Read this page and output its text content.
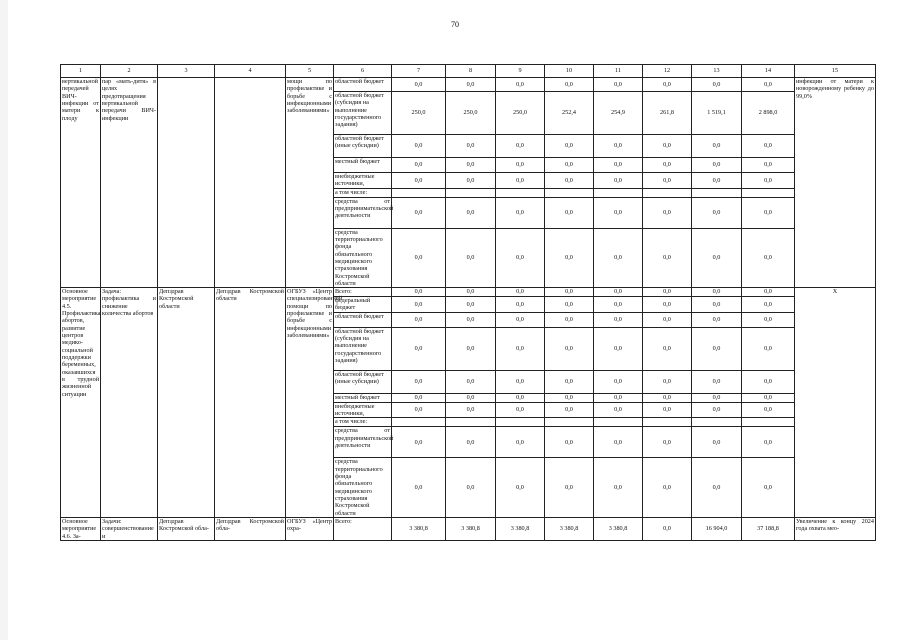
70
1	2	3	4	5	6	7	8	9	10	11	12	13	14	15
вертикальной передачей ВИЧ-инфекции от матери к плоду	пар «мать-дитя» в целях предотвращения вертикальной передачи ВИЧ-инфекции			мощи по профилактике и борьбе с инфекционными заболеваниями»	областной бюджет	0,0	0,0	0,0	0,0	0,0	0,0	0,0	0,0	инфекции от матери к новорожденному ребенку до 99,0%
					областной бюджет (субсидия на выполнение государственного задания)	250,0	250,0	250,0	252,4	254,9	261,8	1 519,1	2 898,0	
					областной бюджет (иные субсидии)	0,0	0,0	0,0	0,0	0,0	0,0	0,0	0,0	
					местный бюджет	0,0	0,0	0,0	0,0	0,0	0,0	0,0	0,0	
					внебюджетные источники,	0,0	0,0	0,0	0,0	0,0	0,0	0,0	0,0	
					а том числе:									
					средства от предпринимательской деятельности	0,0	0,0	0,0	0,0	0,0	0,0	0,0	0,0	
					средства территориального фонда обязательного медицинского страхования Костромской области	0,0	0,0	0,0	0,0	0,0	0,0	0,0	0,0	
Основное мероприятие 4.5. Профилактика абортов, развитие центров медико-социальной поддержки беременных, оказавшихся в трудной жизненной ситуации	Задача: профилактика и снижение количества абортов	Депздрав Костромской области	Депздрав Костромской области	ОГБУЗ «Центр специализированной помощи по профилактике и борьбе с инфекционными заболеваниями»	Всего:	0,0	0,0	0,0	0,0	0,0	0,0	0,0	0,0	Х
					федеральный бюджет	0,0	0,0	0,0	0,0	0,0	0,0	0,0	0,0	
					областной бюджет	0,0	0,0	0,0	0,0	0,0	0,0	0,0	0,0	
					областной бюджет (субсидия на выполнение государственного задания)	0,0	0,0	0,0	0,0	0,0	0,0	0,0	0,0	
					областной бюджет (иные субсидии)	0,0	0,0	0,0	0,0	0,0	0,0	0,0	0,0	
					местный бюджет	0,0	0,0	0,0	0,0	0,0	0,0	0,0	0,0	
					внебюджетные источники,	0,0	0,0	0,0	0,0	0,0	0,0	0,0	0,0	
					а том числе:									
					средства от предпринимательской деятельности	0,0	0,0	0,0	0,0	0,0	0,0	0,0	0,0	
					средства территориального фонда обязательного медицинского страхования Костромской области	0,0	0,0	0,0	0,0	0,0	0,0	0,0	0,0	
Основное мероприятие 4.6. За-	Задачи: совершенствование и	Депздрав Костромской обла-	Депздрав Костромской обла-	ОГБУЗ «Центр охра-	Всего:	3 380,8	3 380,8	3 380,8	3 380,8	3 380,8	0,0	16 904,0	37 188,8	Увеличение к концу 2024 года охвата мео-
